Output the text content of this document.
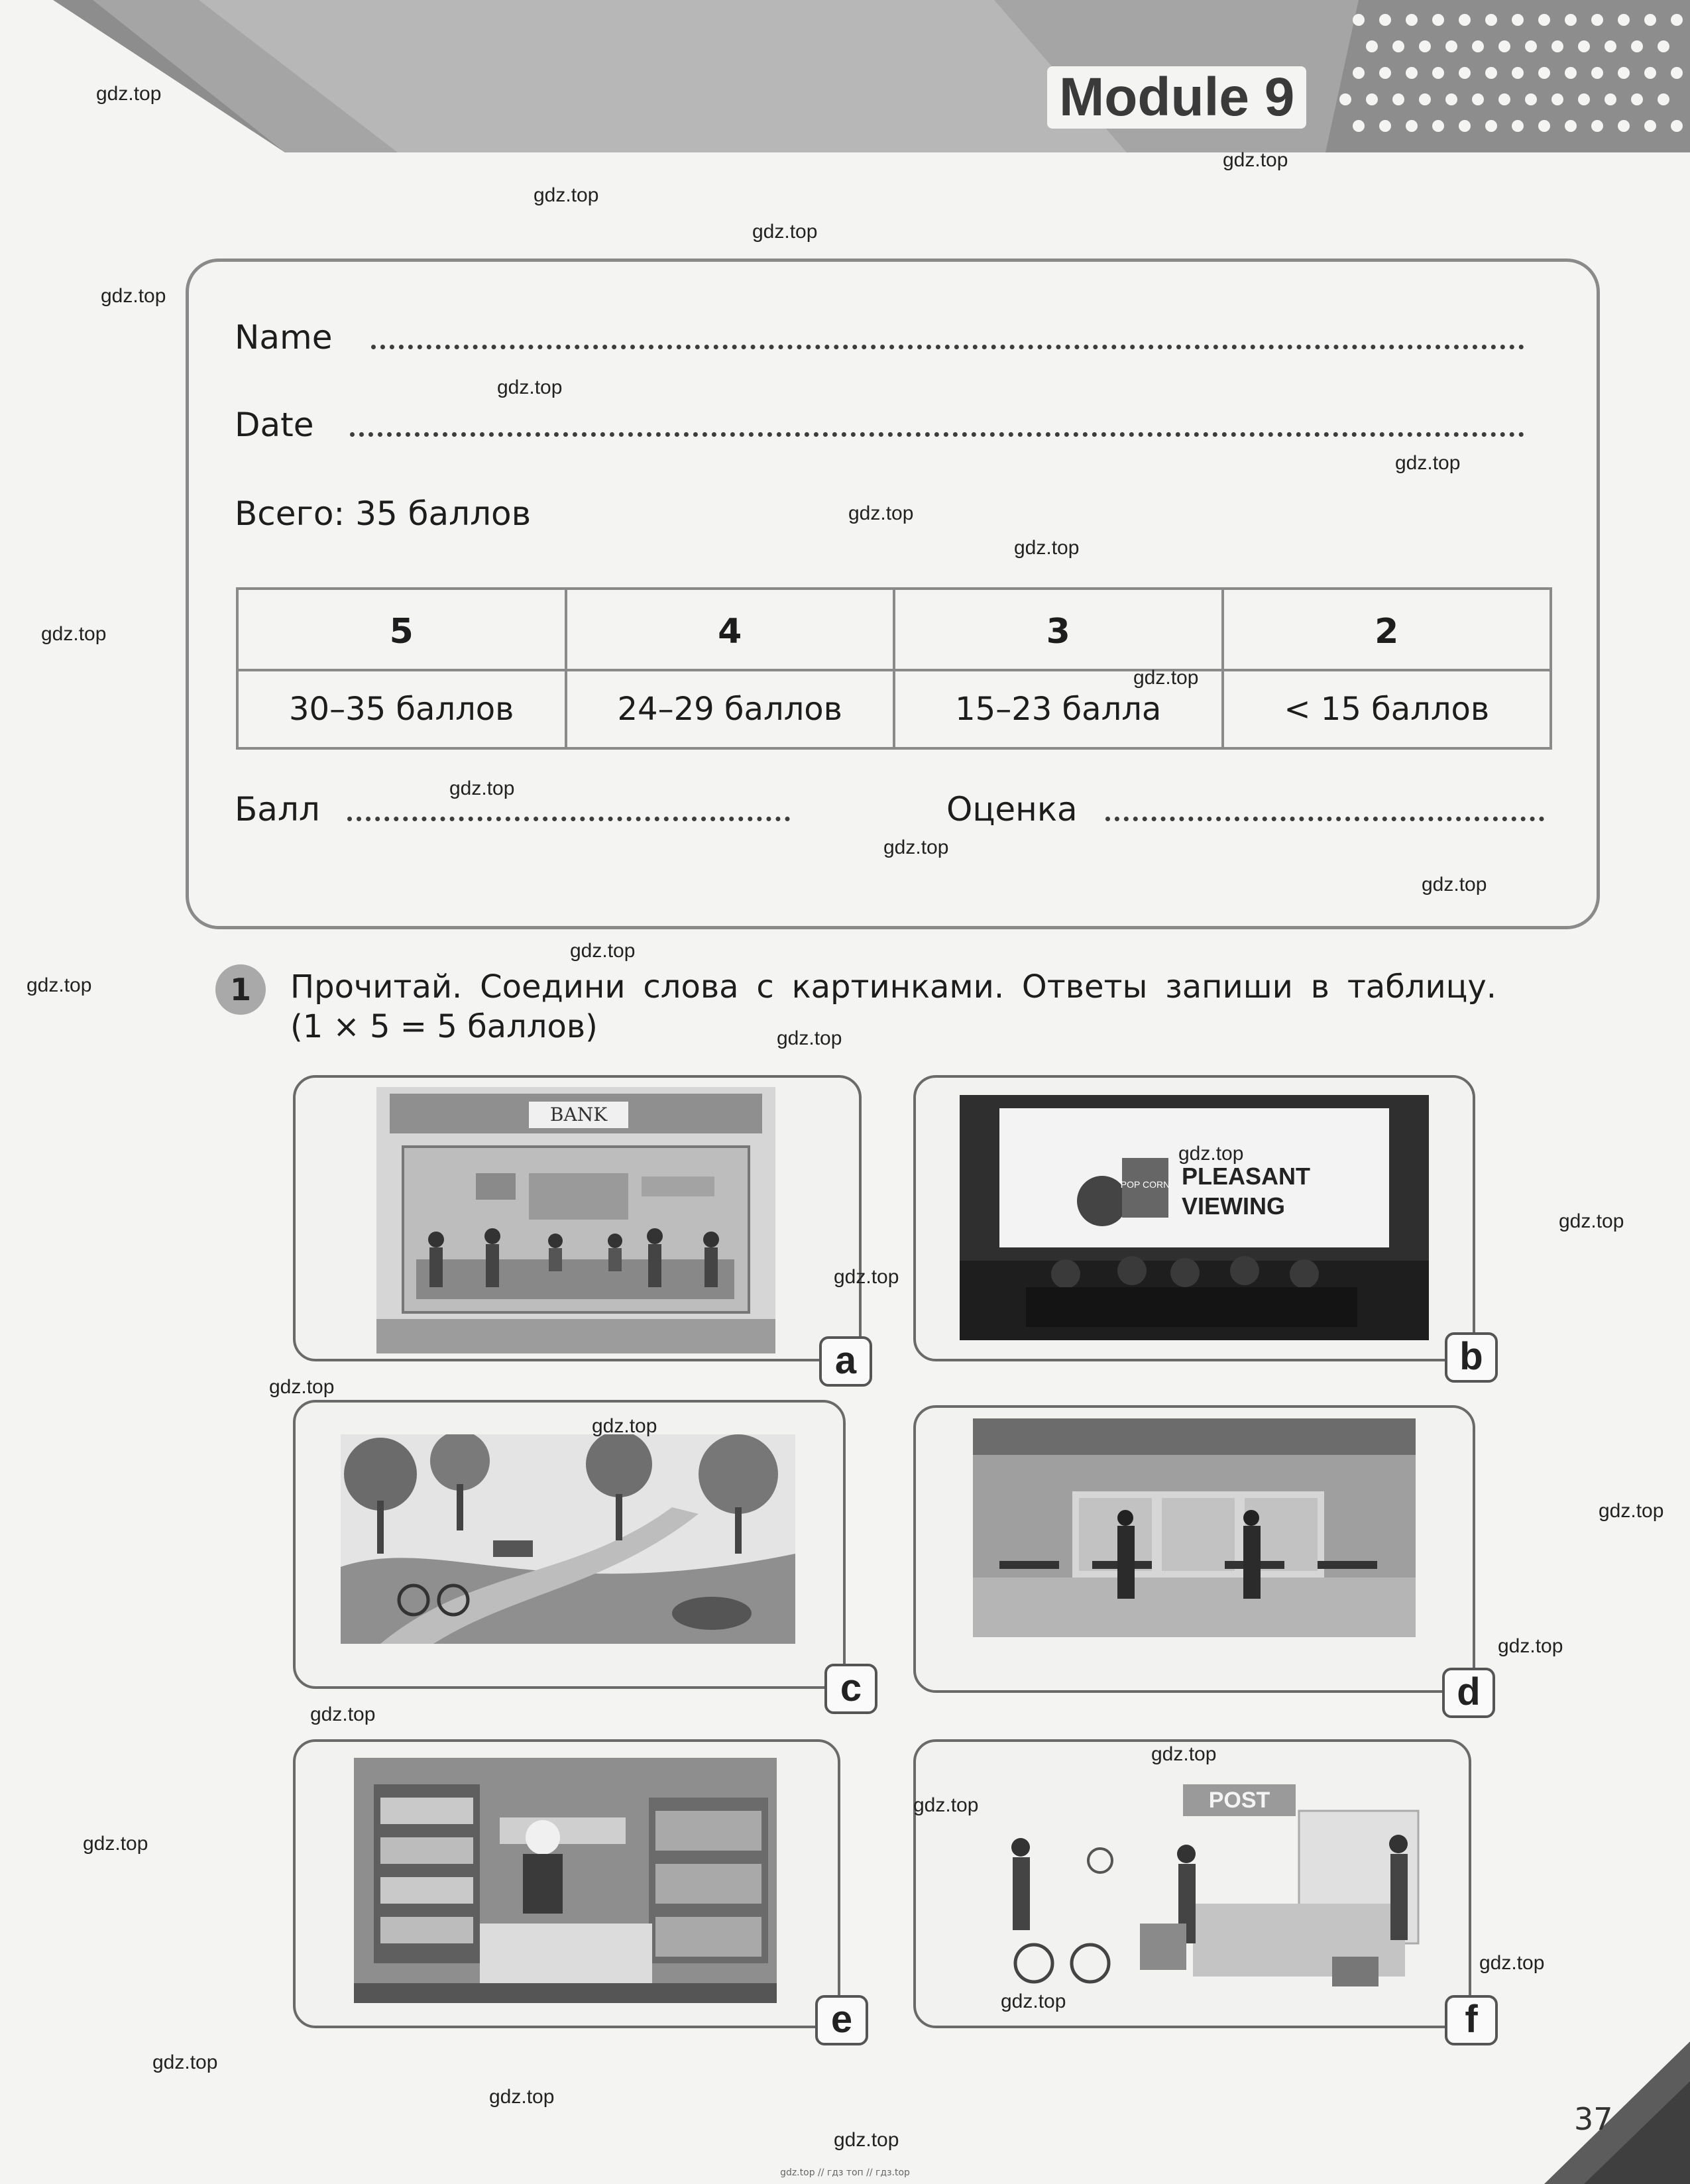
Module 9
Name
Date
Всего: 35 баллов
5	4	3	2
30–35 баллов	24–29 баллов	15–23 балла	< 15 баллов
Балл	Оценка
1	Прочитай. Соедини слова с картинками. Ответы запиши в таблицу.
(1 × 5 = 5 баллов)
BANK
a
POP CORN PLEASANT
VIEWING
b
c	d
e
POST
f
37
gdz.top
gdz.top
gdz.top
gdz.top
gdz.top
gdz.top
gdz.top
gdz.top
gdz.top
gdz.top
gdz.top
gdz.top
gdz.top
gdz.top
gdz.top
gdz.top
gdz.top
gdz.top
gdz.top
gdz.top
gdz.top
gdz.top
gdz.top
gdz.top
gdz.top
gdz.top
gdz.top
gdz.top
gdz.top
gdz.top
gdz.top
gdz.top
gdz.top
gdz.top // гдз топ // гдз.top
